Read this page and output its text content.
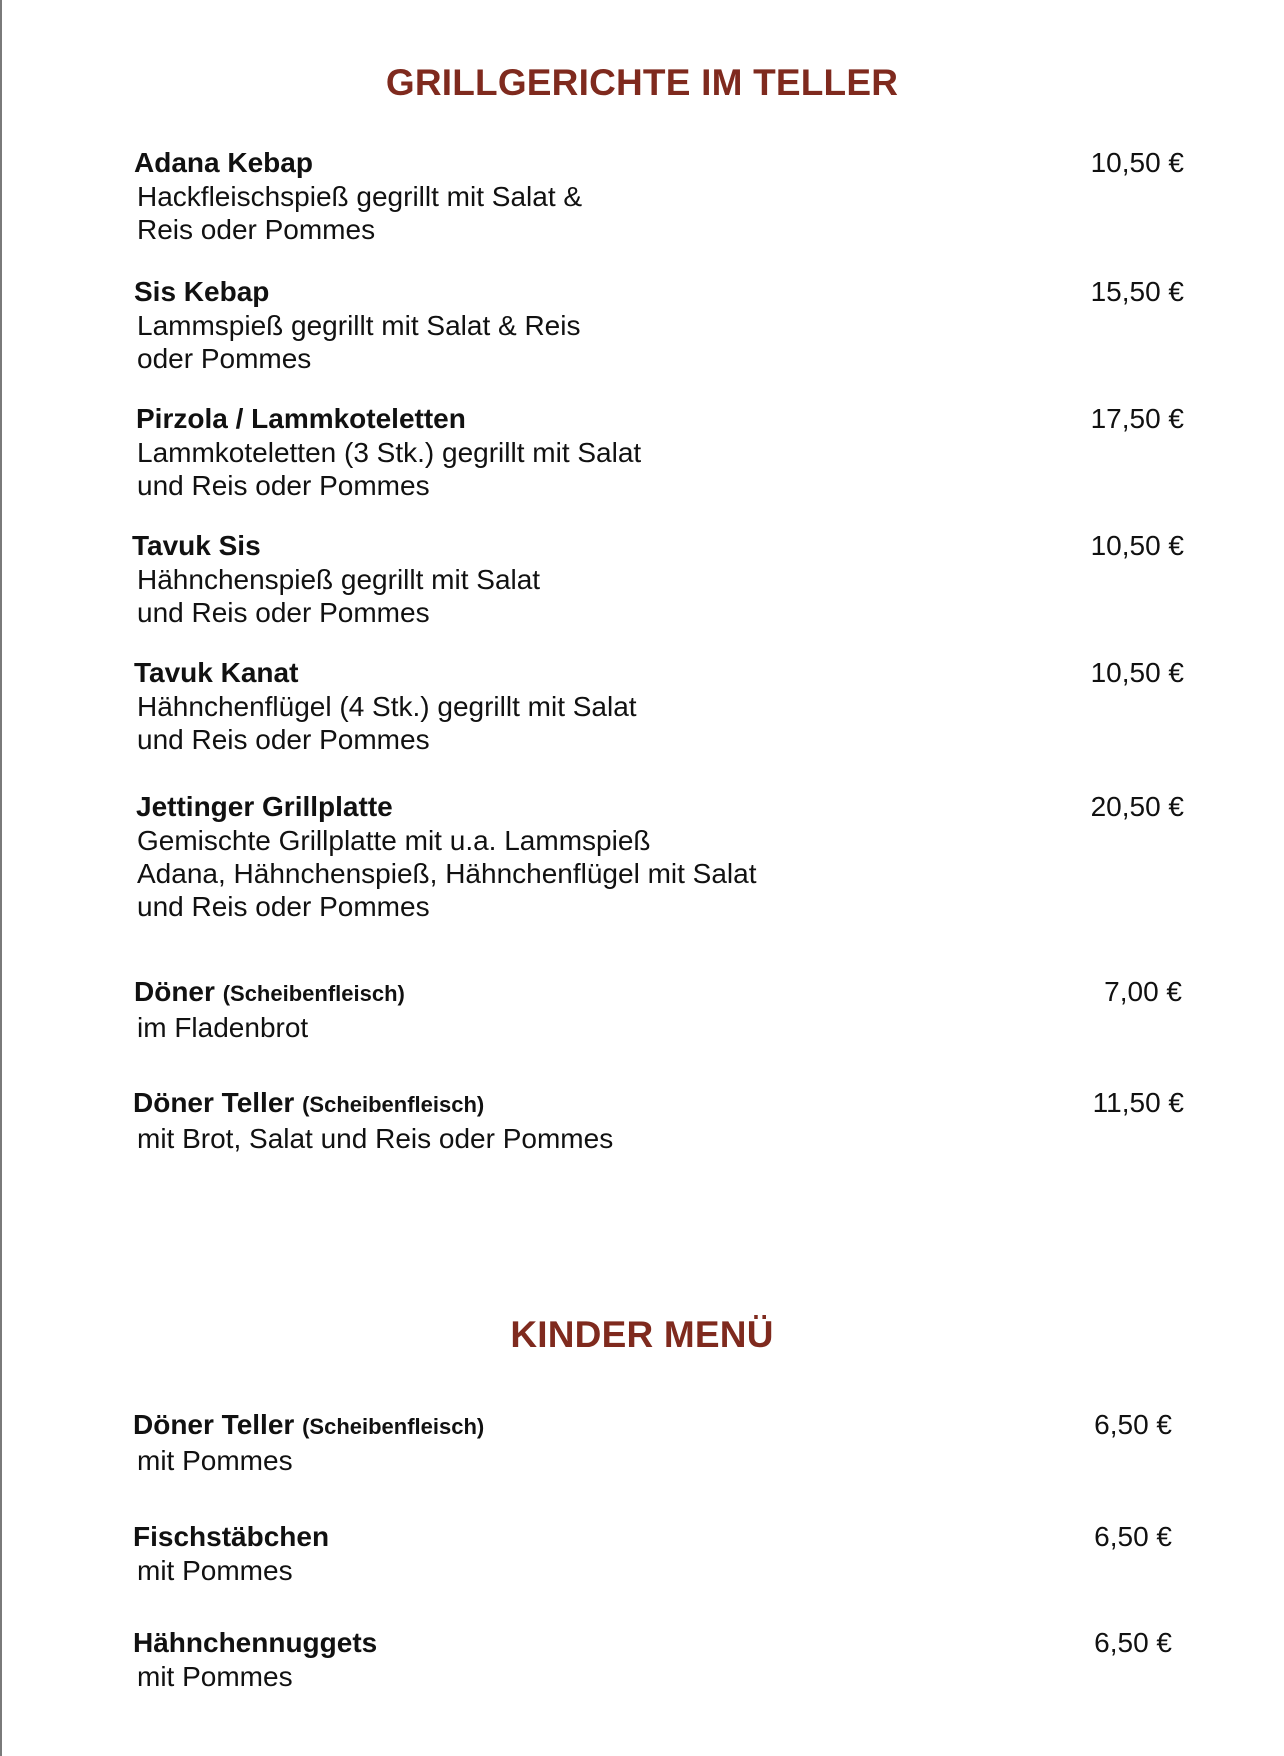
GRILLGERICHTE IM TELLER
Adana Kebap
Hackfleischspieß gegrillt mit Salat &
Reis oder Pommes
10,50 €
Sis Kebap
Lammspieß gegrillt mit Salat & Reis
oder Pommes
15,50 €
Pirzola / Lammkoteletten
Lammkoteletten (3 Stk.) gegrillt mit Salat
und Reis oder Pommes
17,50 €
Tavuk Sis
Hähnchenspieß gegrillt mit Salat
und Reis oder Pommes
10,50 €
Tavuk Kanat
Hähnchenflügel (4 Stk.) gegrillt mit Salat
und Reis oder Pommes
10,50 €
Jettinger Grillplatte
Gemischte Grillplatte mit u.a. Lammspieß
Adana, Hähnchenspieß, Hähnchenflügel mit Salat
und Reis oder Pommes
20,50 €
Döner (Scheibenfleisch)
im Fladenbrot
7,00 €
Döner Teller (Scheibenfleisch)
mit Brot, Salat und Reis oder Pommes
11,50 €
KINDER MENÜ
Döner Teller (Scheibenfleisch)
mit Pommes
6,50 €
Fischstäbchen
mit Pommes
6,50 €
Hähnchennuggets
mit Pommes
6,50 €
